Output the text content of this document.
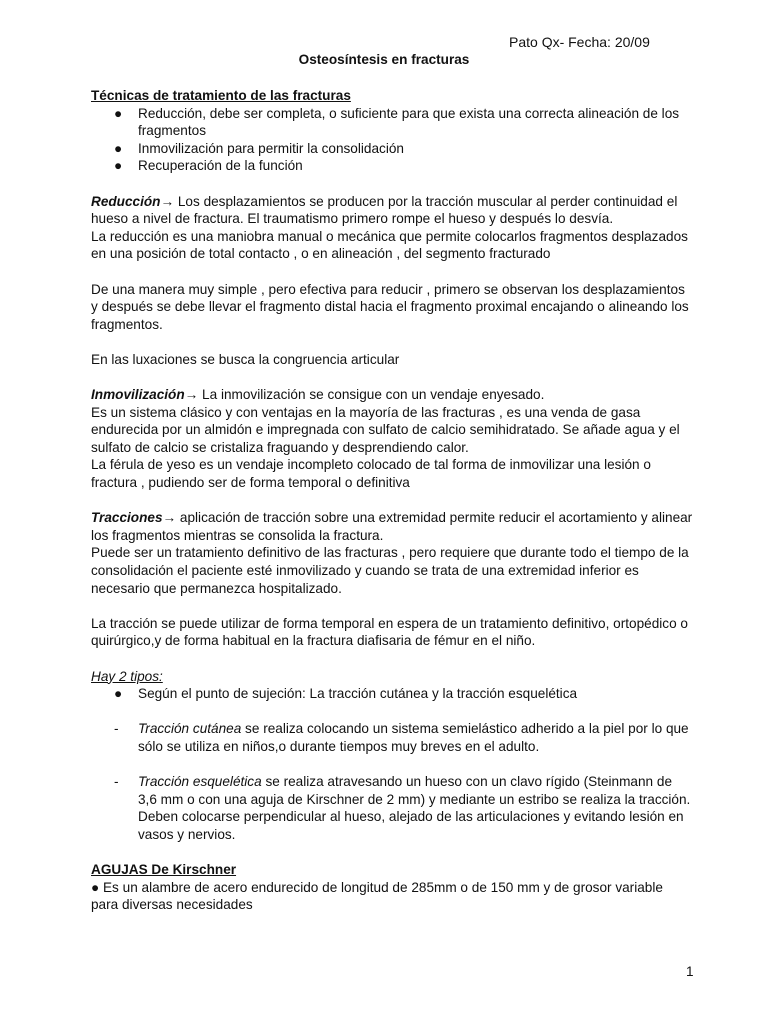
Pato Qx- Fecha: 20/09
Osteosíntesis en fracturas

Técnicas de tratamiento de las fracturas

● Reducción, debe ser completa, o suficiente para que exista una correcta alineación de los fragmentos
● Inmovilización para permitir la consolidación
● Recuperación de la función

Reducción→ Los desplazamientos se producen por la tracción muscular al perder continuidad el hueso a nivel de fractura. El traumatismo primero rompe el hueso y después lo desvía.

La reducción es una maniobra manual o mecánica que permite colocarlos fragmentos desplazados en una posición de total contacto , o en alineación , del segmento fracturado

De una manera muy simple , pero efectiva para reducir , primero se observan los desplazamientos y después se debe llevar el fragmento distal hacia el fragmento proximal encajando o alineando los fragmentos.

En las luxaciones se busca la congruencia articular

Inmovilización→ La inmovilización se consigue con un vendaje enyesado.

Es un sistema clásico y con ventajas en la mayoría de las fracturas , es una venda de gasa endurecida por un almidón e impregnada con sulfato de calcio semihidratado. Se añade agua y el sulfato de calcio se cristaliza fraguando y desprendiendo calor.

La férula de yeso es un vendaje incompleto colocado de tal forma de inmovilizar una lesión o fractura , pudiendo ser de forma temporal o definitiva

Tracciones→ aplicación de tracción sobre una extremidad permite reducir el acortamiento y alinear los fragmentos mientras se consolida la fractura.

Puede ser un tratamiento definitivo de las fracturas , pero requiere que durante todo el tiempo de la consolidación el paciente esté inmovilizado y cuando se trata de una extremidad inferior es necesario que permanezca hospitalizado.

La tracción se puede utilizar de forma temporal en espera de un tratamiento definitivo, ortopédico o quirúrgico,y de forma habitual en la fractura diafisaria de fémur en el niño.

Hay 2 tipos:

● Según el punto de sujeción: La tracción cutánea y la tracción esquelética
- Tracción cutánea se realiza colocando un sistema semielástico adherido a la piel por lo que sólo se utiliza en niños,o durante tiempos muy breves en el adulto.
- Tracción esquelética se realiza atravesando un hueso con un clavo rígido (Steinmann de 3,6 mm o con una aguja de Kirschner de 2 mm) y mediante un estribo se realiza la tracción. Deben colocarse perpendicular al hueso, alejado de las articulaciones y evitando lesión en vasos y nervios.

AGUJAS De Kirschner

● Es un alambre de acero endurecido de longitud de 285mm o de 150 mm y de grosor variable para diversas necesidades

1
